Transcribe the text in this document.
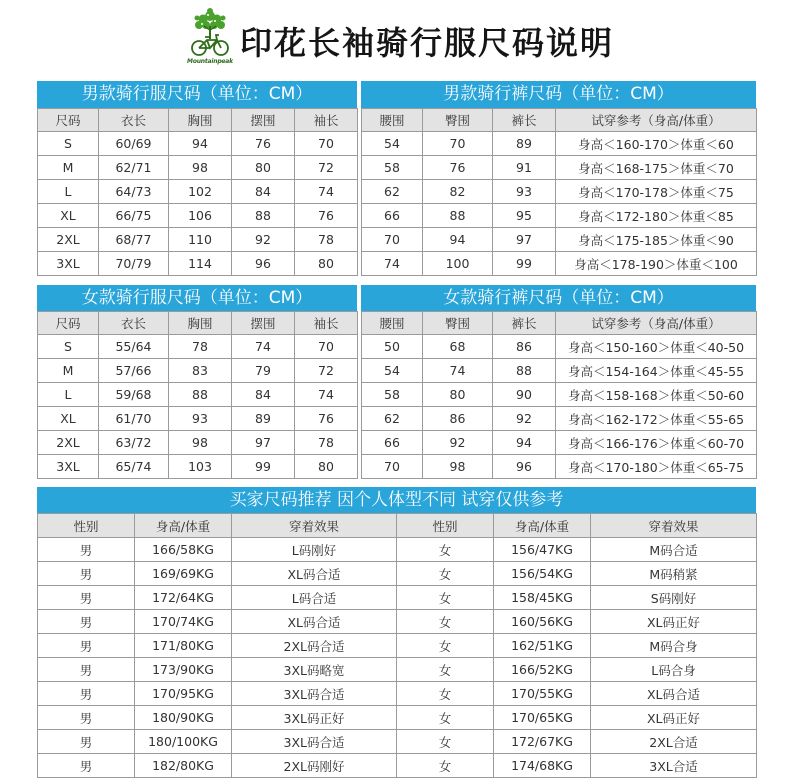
Mountainpeak 印花长袖骑行服尺码说明
男款骑行服尺码（单位：CM）
尺码	衣长	胸围	摆围	袖长
S	60/69	94	76	70
M	62/71	98	80	72
L	64/73	102	84	74
XL	66/75	106	88	76
2XL	68/77	110	92	78
3XL	70/79	114	96	80
男款骑行裤尺码（单位：CM）
腰围	臀围	裤长	试穿参考（身高/体重）
54	70	89	身高＜160-170＞体重＜60
58	76	91	身高＜168-175＞体重＜70
62	82	93	身高＜170-178＞体重＜75
66	88	95	身高＜172-180＞体重＜85
70	94	97	身高＜175-185＞体重＜90
74	100	99	身高＜178-190＞体重＜100
女款骑行服尺码（单位：CM）
尺码	衣长	胸围	摆围	袖长
S	55/64	78	74	70
M	57/66	83	79	72
L	59/68	88	84	74
XL	61/70	93	89	76
2XL	63/72	98	97	78
3XL	65/74	103	99	80
女款骑行裤尺码（单位：CM）
腰围	臀围	裤长	试穿参考（身高/体重）
50	68	86	身高＜150-160＞体重＜40-50
54	74	88	身高＜154-164＞体重＜45-55
58	80	90	身高＜158-168＞体重＜50-60
62	86	92	身高＜162-172＞体重＜55-65
66	92	94	身高＜166-176＞体重＜60-70
70	98	96	身高＜170-180＞体重＜65-75
买家尺码推荐 因个人体型不同 试穿仅供参考
性别	身高/体重	穿着效果	性别	身高/体重	穿着效果
男	166/58KG	L码刚好	女	156/47KG	M码合适
男	169/69KG	XL码合适	女	156/54KG	M码稍紧
男	172/64KG	L码合适	女	158/45KG	S码刚好
男	170/74KG	XL码合适	女	160/56KG	XL码正好
男	171/80KG	2XL码合适	女	162/51KG	M码合身
男	173/90KG	3XL码略宽	女	166/52KG	L码合身
男	170/95KG	3XL码合适	女	170/55KG	XL码合适
男	180/90KG	3XL码正好	女	170/65KG	XL码正好
男	180/100KG	3XL码合适	女	172/67KG	2XL合适
男	182/80KG	2XL码刚好	女	174/68KG	3XL合适
